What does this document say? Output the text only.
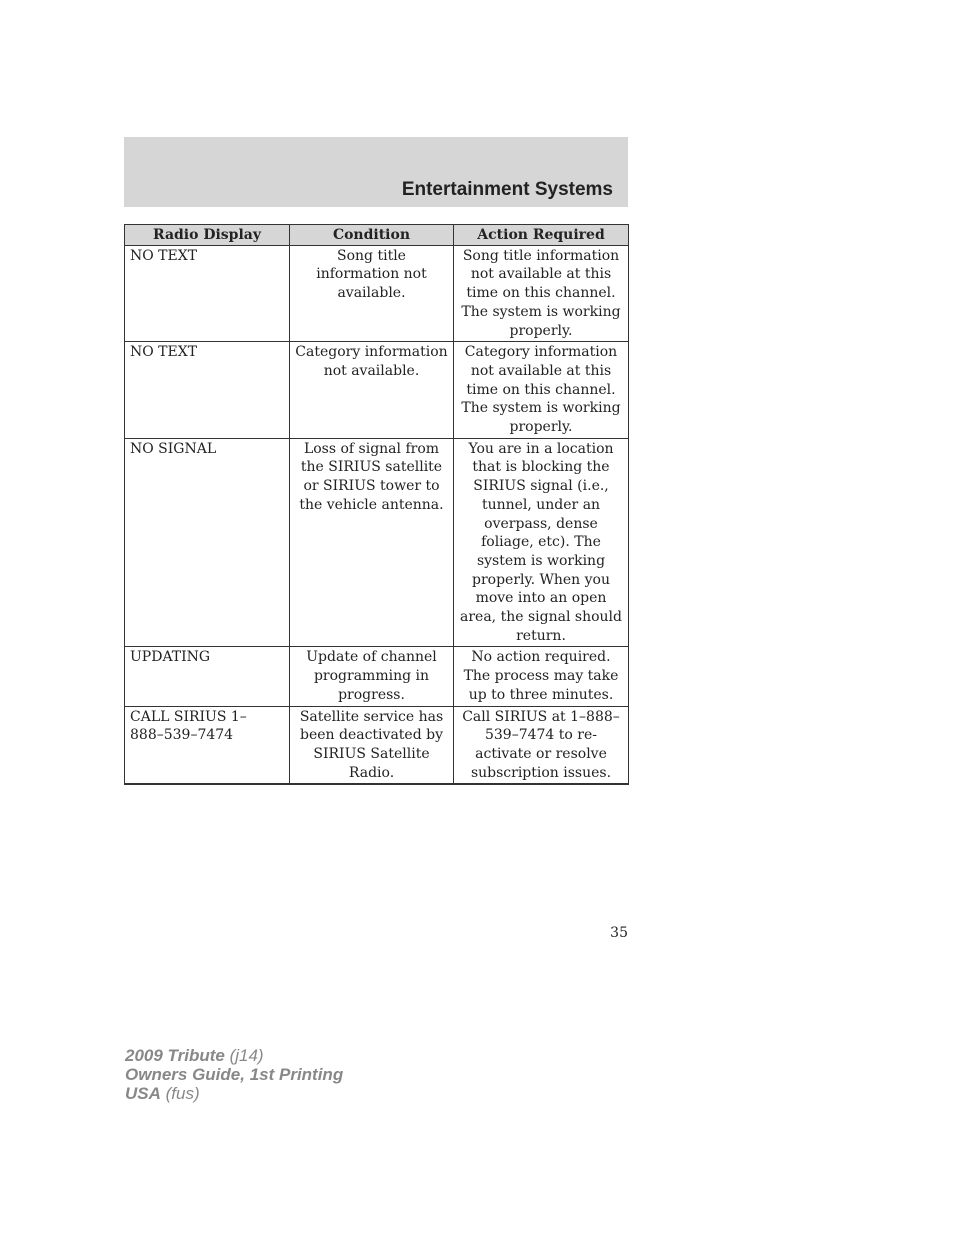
Entertainment Systems
Radio Display	Condition	Action Required
NO TEXT	Song title information not available.	Song title information not available at this time on this channel. The system is working properly.
NO TEXT	Category information not available.	Category information not available at this time on this channel. The system is working properly.
NO SIGNAL	Loss of signal from the SIRIUS satellite or SIRIUS tower to the vehicle antenna.	You are in a location that is blocking the SIRIUS signal (i.e., tunnel, under an overpass, dense foliage, etc). The system is working properly. When you move into an open area, the signal should return.
UPDATING	Update of channel programming in progress.	No action required. The process may take up to three minutes.
CALL SIRIUS 1–888–539–7474	Satellite service has been deactivated by SIRIUS Satellite Radio.	Call SIRIUS at 1–888–539–7474 to re-activate or resolve subscription issues.
35
2009 Tribute (j14)
Owners Guide, 1st Printing
USA (fus)
